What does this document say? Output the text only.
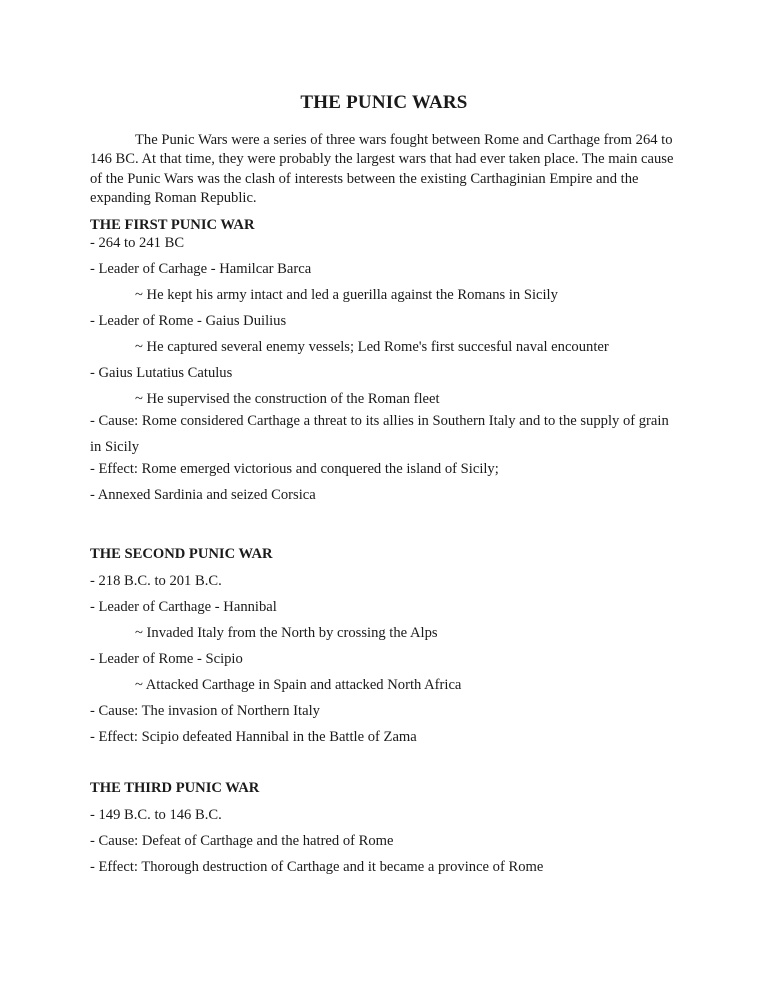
THE PUNIC WARS
The Punic Wars were a series of three wars fought between Rome and Carthage from 264 to 146 BC. At that time, they were probably the largest wars that had ever taken place. The main cause of the Punic Wars was the clash of interests between the existing Carthaginian Empire and the expanding Roman Republic.
THE FIRST PUNIC WAR
- 264 to 241 BC
- Leader of Carhage - Hamilcar Barca
~ He kept his army intact and led a guerilla against the Romans in Sicily
- Leader of Rome - Gaius Duilius
~ He captured several enemy vessels; Led Rome's first succesful naval encounter
- Gaius Lutatius Catulus
~ He supervised the construction of the Roman fleet
- Cause: Rome considered Carthage a threat to its allies in Southern Italy and to the supply of grain in Sicily
- Effect: Rome emerged victorious and conquered the island of Sicily;
- Annexed Sardinia and seized Corsica
THE SECOND PUNIC WAR
- 218 B.C. to 201 B.C.
- Leader of Carthage - Hannibal
~ Invaded Italy from the North by crossing the Alps
- Leader of Rome - Scipio
~ Attacked Carthage in Spain and attacked North Africa
- Cause: The invasion of Northern Italy
- Effect: Scipio defeated Hannibal in the Battle of Zama
THE THIRD PUNIC WAR
- 149 B.C. to 146 B.C.
- Cause: Defeat of Carthage and the hatred of Rome
- Effect: Thorough destruction of Carthage and it became a province of Rome
